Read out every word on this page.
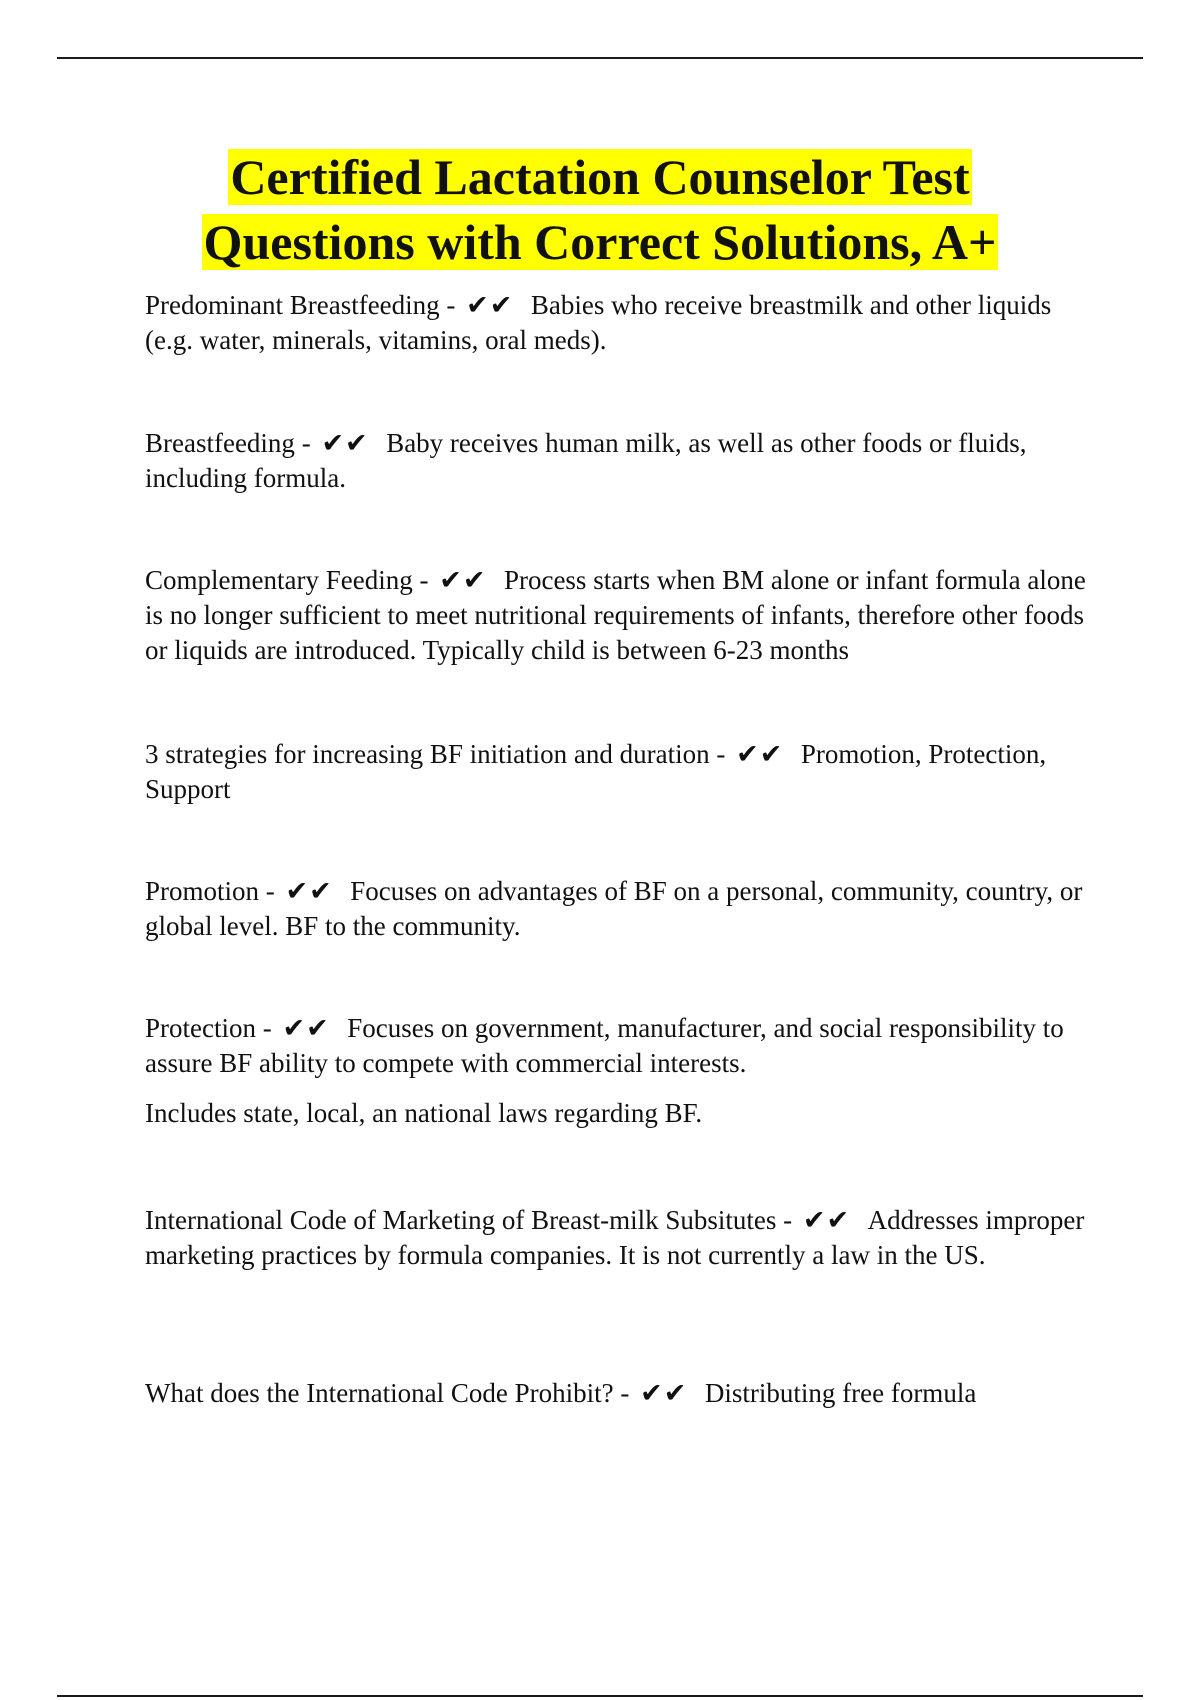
Certified Lactation Counselor Test
Questions with Correct Solutions, A+

Predominant Breastfeeding - ✔✔ Babies who receive breastmilk and other liquids (e.g. water, minerals, vitamins, oral meds).

Breastfeeding - ✔✔ Baby receives human milk, as well as other foods or fluids, including formula.

Complementary Feeding - ✔✔ Process starts when BM alone or infant formula alone is no longer sufficient to meet nutritional requirements of infants, therefore other foods or liquids are introduced. Typically child is between 6-23 months

3 strategies for increasing BF initiation and duration - ✔✔ Promotion, Protection, Support

Promotion - ✔✔ Focuses on advantages of BF on a personal, community, country, or global level. BF to the community.

Protection - ✔✔ Focuses on government, manufacturer, and social responsibility to assure BF ability to compete with commercial interests.

Includes state, local, an national laws regarding BF.

International Code of Marketing of Breast-milk Subsitutes - ✔✔ Addresses improper marketing practices by formula companies. It is not currently a law in the US.

What does the International Code Prohibit? - ✔✔ Distributing free formula
